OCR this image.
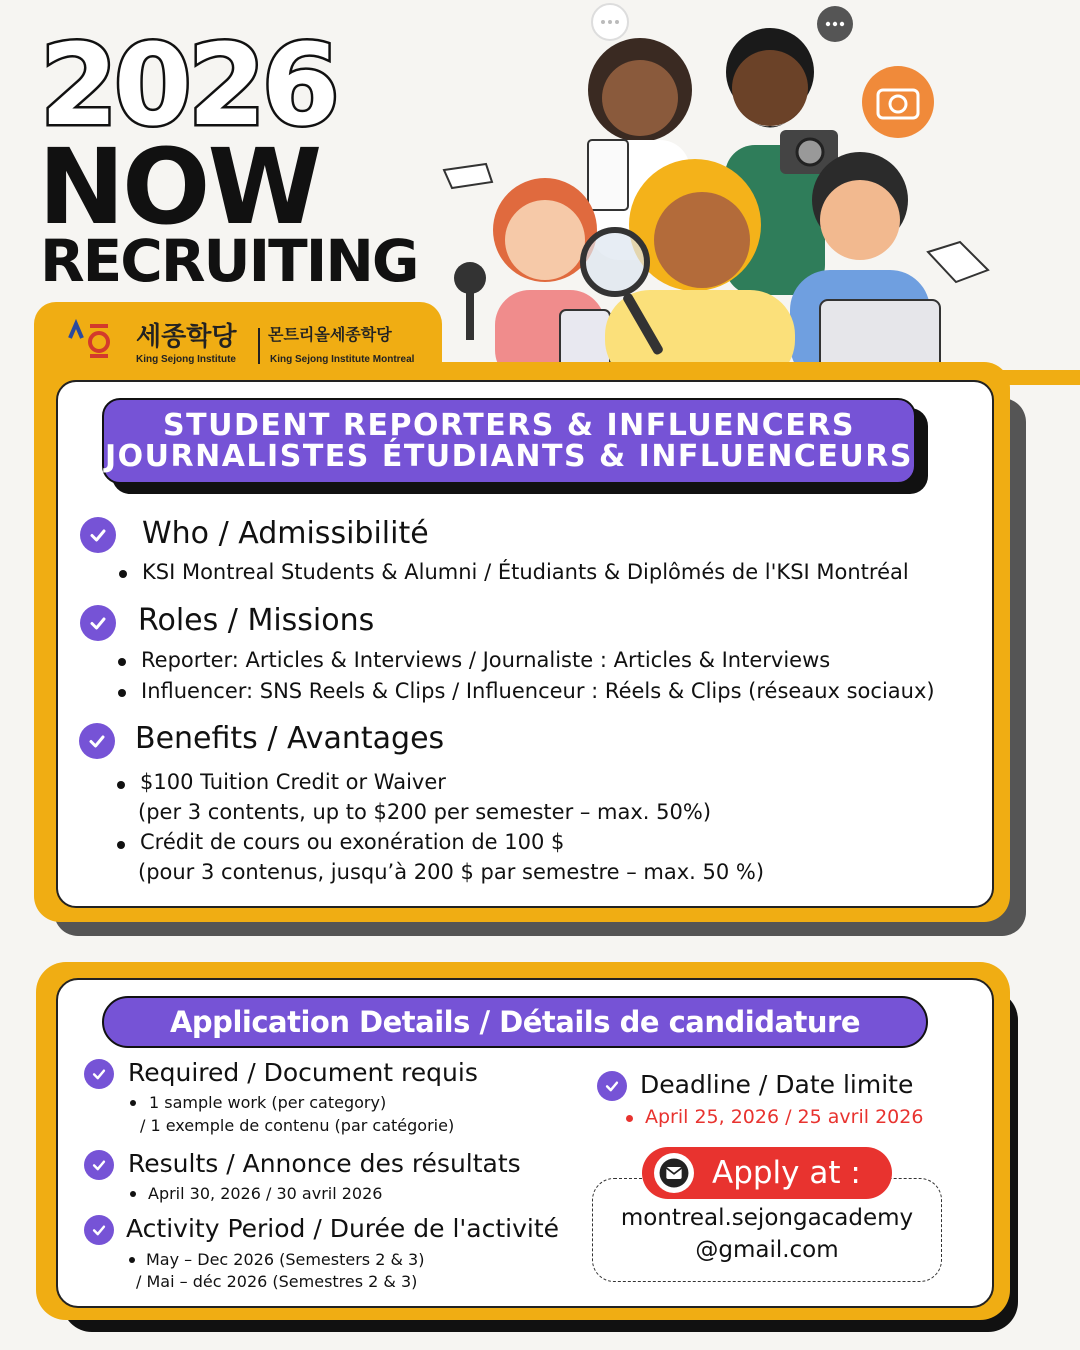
2026
NOW
RECRUITING
세종학당
King Sejong Institute
몬트리올세종학당
King Sejong Institute Montreal
STUDENT REPORTERS & INFLUENCERS
JOURNALISTES ÉTUDIANTS & INFLUENCEURS
Who / Admissibilité
KSI Montreal Students & Alumni / Étudiants & Diplômés de l'KSI Montréal
Roles / Missions
Reporter: Articles & Interviews / Journaliste : Articles & Interviews
Influencer: SNS Reels & Clips / Influenceur : Réels & Clips (réseaux sociaux)
Benefits / Avantages
$100 Tuition Credit or Waiver
(per 3 contents, up to $200 per semester – max. 50%)
Crédit de cours ou exonération de 100 $
(pour 3 contenus, jusqu’à 200 $ par semestre – max. 50 %)
Application Details / Détails de candidature
Required / Document requis
1 sample work (per category)
/ 1 exemple de contenu (par catégorie)
Results / Annonce des résultats
April 30, 2026 / 30 avril 2026
Activity Period / Durée de l'activité
May – Dec 2026 (Semesters 2 & 3)
/ Mai – déc 2026 (Semestres 2 & 3)
Deadline / Date limite
April 25, 2026 / 25 avril 2026
Apply at :
montreal.sejongacademy
@gmail.com
